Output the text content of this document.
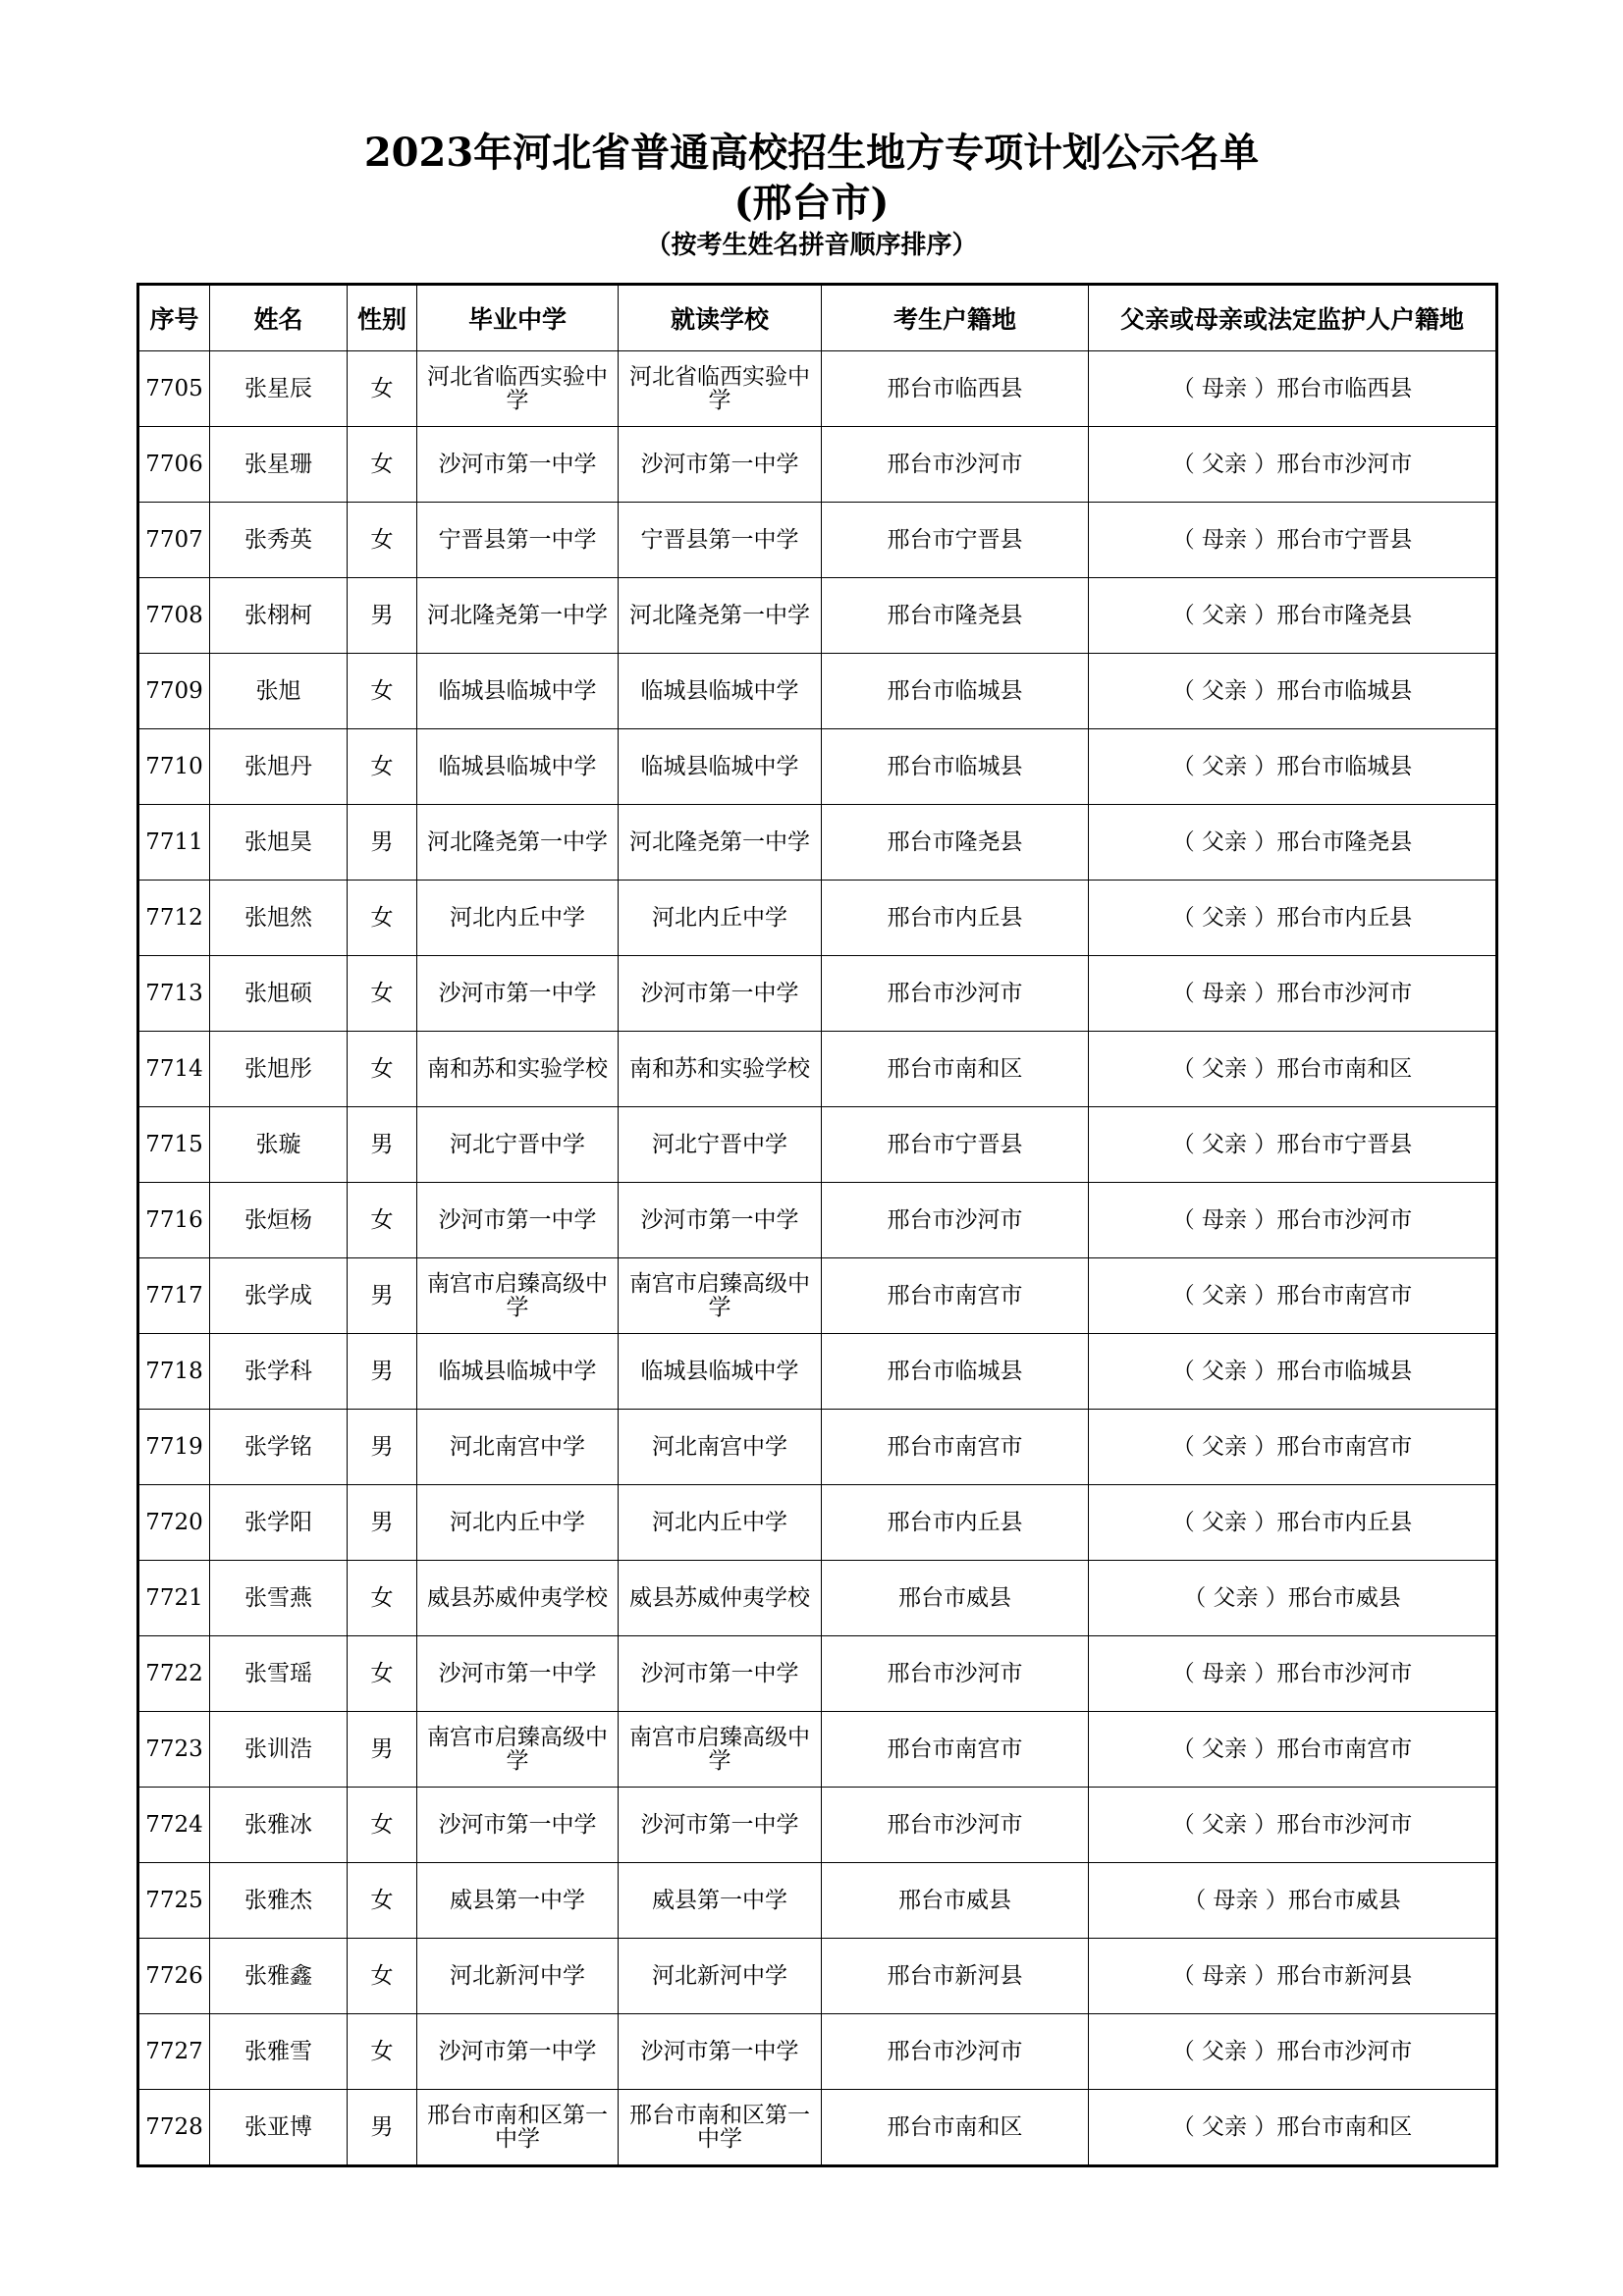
2023年河北省普通高校招生地方专项计划公示名单
(邢台市)
（按考生姓名拼音顺序排序）
序号	姓名	性别	毕业中学	就读学校	考生户籍地	父亲或母亲或法定监护人户籍地
7705	张星辰	女	河北省临西实验中学	河北省临西实验中学	邢台市临西县	（ 母亲 ）邢台市临西县
7706	张星珊	女	沙河市第一中学	沙河市第一中学	邢台市沙河市	（ 父亲 ）邢台市沙河市
7707	张秀英	女	宁晋县第一中学	宁晋县第一中学	邢台市宁晋县	（ 母亲 ）邢台市宁晋县
7708	张栩柯	男	河北隆尧第一中学	河北隆尧第一中学	邢台市隆尧县	（ 父亲 ）邢台市隆尧县
7709	张旭	女	临城县临城中学	临城县临城中学	邢台市临城县	（ 父亲 ）邢台市临城县
7710	张旭丹	女	临城县临城中学	临城县临城中学	邢台市临城县	（ 父亲 ）邢台市临城县
7711	张旭昊	男	河北隆尧第一中学	河北隆尧第一中学	邢台市隆尧县	（ 父亲 ）邢台市隆尧县
7712	张旭然	女	河北内丘中学	河北内丘中学	邢台市内丘县	（ 父亲 ）邢台市内丘县
7713	张旭硕	女	沙河市第一中学	沙河市第一中学	邢台市沙河市	（ 母亲 ）邢台市沙河市
7714	张旭彤	女	南和苏和实验学校	南和苏和实验学校	邢台市南和区	（ 父亲 ）邢台市南和区
7715	张璇	男	河北宁晋中学	河北宁晋中学	邢台市宁晋县	（ 父亲 ）邢台市宁晋县
7716	张烜杨	女	沙河市第一中学	沙河市第一中学	邢台市沙河市	（ 母亲 ）邢台市沙河市
7717	张学成	男	南宫市启臻高级中学	南宫市启臻高级中学	邢台市南宫市	（ 父亲 ）邢台市南宫市
7718	张学科	男	临城县临城中学	临城县临城中学	邢台市临城县	（ 父亲 ）邢台市临城县
7719	张学铭	男	河北南宫中学	河北南宫中学	邢台市南宫市	（ 父亲 ）邢台市南宫市
7720	张学阳	男	河北内丘中学	河北内丘中学	邢台市内丘县	（ 父亲 ）邢台市内丘县
7721	张雪燕	女	威县苏威仲夷学校	威县苏威仲夷学校	邢台市威县	（ 父亲 ）邢台市威县
7722	张雪瑶	女	沙河市第一中学	沙河市第一中学	邢台市沙河市	（ 母亲 ）邢台市沙河市
7723	张训浩	男	南宫市启臻高级中学	南宫市启臻高级中学	邢台市南宫市	（ 父亲 ）邢台市南宫市
7724	张雅冰	女	沙河市第一中学	沙河市第一中学	邢台市沙河市	（ 父亲 ）邢台市沙河市
7725	张雅杰	女	威县第一中学	威县第一中学	邢台市威县	（ 母亲 ）邢台市威县
7726	张雅鑫	女	河北新河中学	河北新河中学	邢台市新河县	（ 母亲 ）邢台市新河县
7727	张雅雪	女	沙河市第一中学	沙河市第一中学	邢台市沙河市	（ 父亲 ）邢台市沙河市
7728	张亚博	男	邢台市南和区第一中学	邢台市南和区第一中学	邢台市南和区	（ 父亲 ）邢台市南和区
